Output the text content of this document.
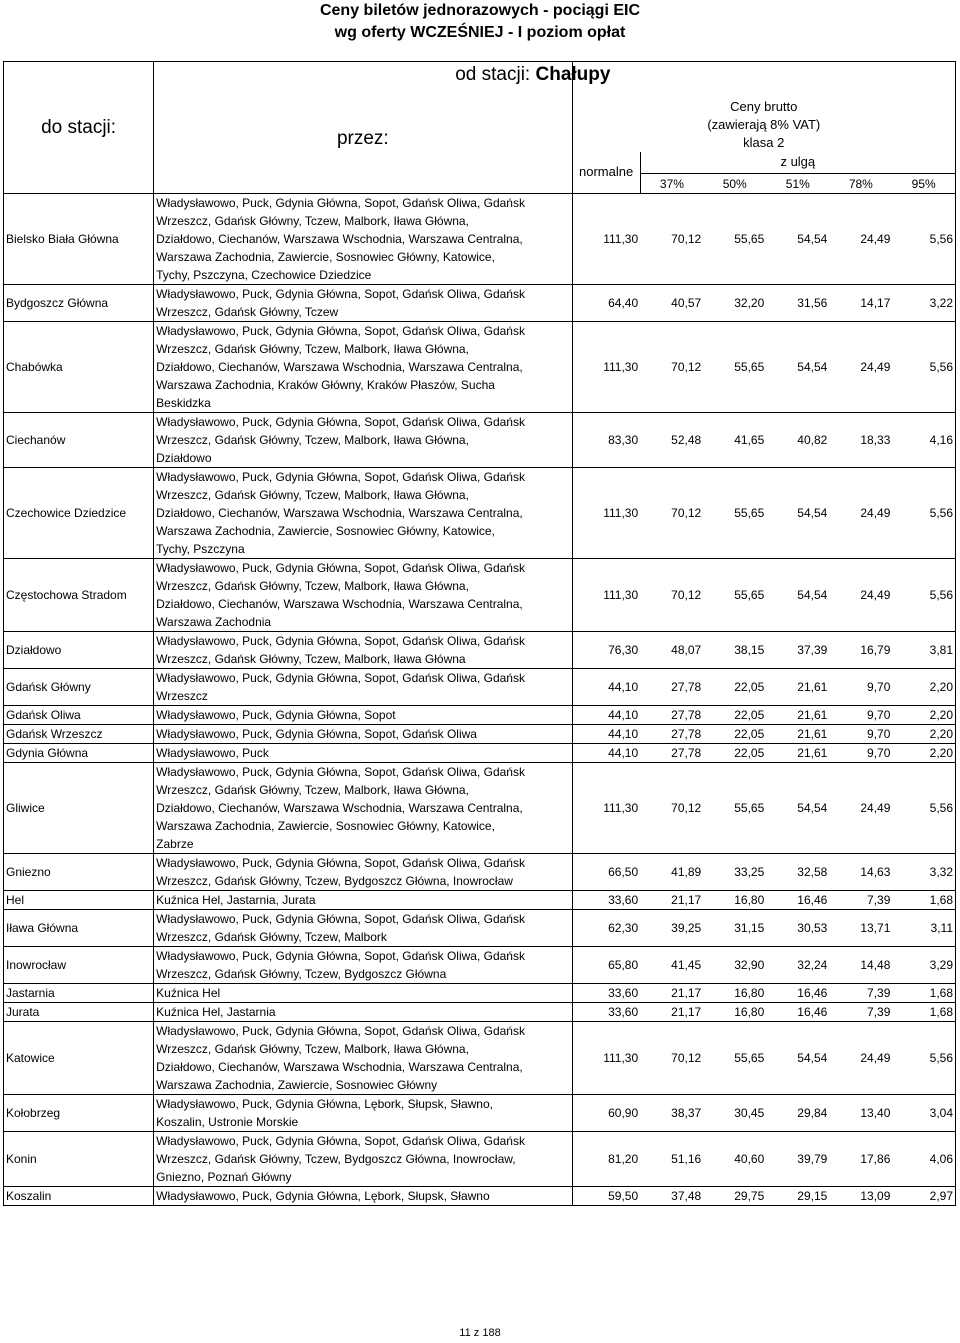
Ceny biletów jednorazowych - pociągi EIC
wg oferty WCZEŚNIEJ - I poziom opłat
do stacji:	od stacji: Chałupy
przez:						

		Ceny brutto
(zawierają 8% VAT)
klasa 2					

		normalne	z ulgą				
			37%	50%	51%	78%	95%
Bielsko Biała Główna	Władysławowo, Puck, Gdynia Główna, Sopot, Gdańsk Oliwa, Gdańsk
Wrzeszcz, Gdańsk Główny, Tczew, Malbork, Iława Główna,
Działdowo, Ciechanów, Warszawa Wschodnia, Warszawa Centralna,
Warszawa Zachodnia, Zawiercie, Sosnowiec Główny, Katowice,
Tychy, Pszczyna, Czechowice Dziedzice	111,30	70,12	55,65	54,54	24,49	5,56
Bydgoszcz Główna	Władysławowo, Puck, Gdynia Główna, Sopot, Gdańsk Oliwa, Gdańsk
Wrzeszcz, Gdańsk Główny, Tczew	64,40	40,57	32,20	31,56	14,17	3,22
Chabówka	Władysławowo, Puck, Gdynia Główna, Sopot, Gdańsk Oliwa, Gdańsk
Wrzeszcz, Gdańsk Główny, Tczew, Malbork, Iława Główna,
Działdowo, Ciechanów, Warszawa Wschodnia, Warszawa Centralna,
Warszawa Zachodnia, Kraków Główny, Kraków Płaszów, Sucha
Beskidzka	111,30	70,12	55,65	54,54	24,49	5,56
Ciechanów	Władysławowo, Puck, Gdynia Główna, Sopot, Gdańsk Oliwa, Gdańsk
Wrzeszcz, Gdańsk Główny, Tczew, Malbork, Iława Główna,
Działdowo	83,30	52,48	41,65	40,82	18,33	4,16
Czechowice Dziedzice	Władysławowo, Puck, Gdynia Główna, Sopot, Gdańsk Oliwa, Gdańsk
Wrzeszcz, Gdańsk Główny, Tczew, Malbork, Iława Główna,
Działdowo, Ciechanów, Warszawa Wschodnia, Warszawa Centralna,
Warszawa Zachodnia, Zawiercie, Sosnowiec Główny, Katowice,
Tychy, Pszczyna	111,30	70,12	55,65	54,54	24,49	5,56
Częstochowa Stradom	Władysławowo, Puck, Gdynia Główna, Sopot, Gdańsk Oliwa, Gdańsk
Wrzeszcz, Gdańsk Główny, Tczew, Malbork, Iława Główna,
Działdowo, Ciechanów, Warszawa Wschodnia, Warszawa Centralna,
Warszawa Zachodnia	111,30	70,12	55,65	54,54	24,49	5,56
Działdowo	Władysławowo, Puck, Gdynia Główna, Sopot, Gdańsk Oliwa, Gdańsk
Wrzeszcz, Gdańsk Główny, Tczew, Malbork, Iława Główna	76,30	48,07	38,15	37,39	16,79	3,81
Gdańsk Główny	Władysławowo, Puck, Gdynia Główna, Sopot, Gdańsk Oliwa, Gdańsk
Wrzeszcz	44,10	27,78	22,05	21,61	9,70	2,20
Gdańsk Oliwa	Władysławowo, Puck, Gdynia Główna, Sopot	44,10	27,78	22,05	21,61	9,70	2,20
Gdańsk Wrzeszcz	Władysławowo, Puck, Gdynia Główna, Sopot, Gdańsk Oliwa	44,10	27,78	22,05	21,61	9,70	2,20
Gdynia Główna	Władysławowo, Puck	44,10	27,78	22,05	21,61	9,70	2,20
Gliwice	Władysławowo, Puck, Gdynia Główna, Sopot, Gdańsk Oliwa, Gdańsk
Wrzeszcz, Gdańsk Główny, Tczew, Malbork, Iława Główna,
Działdowo, Ciechanów, Warszawa Wschodnia, Warszawa Centralna,
Warszawa Zachodnia, Zawiercie, Sosnowiec Główny, Katowice,
Zabrze	111,30	70,12	55,65	54,54	24,49	5,56
Gniezno	Władysławowo, Puck, Gdynia Główna, Sopot, Gdańsk Oliwa, Gdańsk
Wrzeszcz, Gdańsk Główny, Tczew, Bydgoszcz Główna, Inowrocław	66,50	41,89	33,25	32,58	14,63	3,32
Hel	Kuźnica Hel, Jastarnia, Jurata	33,60	21,17	16,80	16,46	7,39	1,68
Iława Główna	Władysławowo, Puck, Gdynia Główna, Sopot, Gdańsk Oliwa, Gdańsk
Wrzeszcz, Gdańsk Główny, Tczew, Malbork	62,30	39,25	31,15	30,53	13,71	3,11
Inowrocław	Władysławowo, Puck, Gdynia Główna, Sopot, Gdańsk Oliwa, Gdańsk
Wrzeszcz, Gdańsk Główny, Tczew, Bydgoszcz Główna	65,80	41,45	32,90	32,24	14,48	3,29
Jastarnia	Kuźnica Hel	33,60	21,17	16,80	16,46	7,39	1,68
Jurata	Kuźnica Hel, Jastarnia	33,60	21,17	16,80	16,46	7,39	1,68
Katowice	Władysławowo, Puck, Gdynia Główna, Sopot, Gdańsk Oliwa, Gdańsk
Wrzeszcz, Gdańsk Główny, Tczew, Malbork, Iława Główna,
Działdowo, Ciechanów, Warszawa Wschodnia, Warszawa Centralna,
Warszawa Zachodnia, Zawiercie, Sosnowiec Główny	111,30	70,12	55,65	54,54	24,49	5,56
Kołobrzeg	Władysławowo, Puck, Gdynia Główna, Lębork, Słupsk, Sławno,
Koszalin, Ustronie Morskie	60,90	38,37	30,45	29,84	13,40	3,04
Konin	Władysławowo, Puck, Gdynia Główna, Sopot, Gdańsk Oliwa, Gdańsk
Wrzeszcz, Gdańsk Główny, Tczew, Bydgoszcz Główna, Inowrocław,
Gniezno, Poznań Główny	81,20	51,16	40,60	39,79	17,86	4,06
Koszalin	Władysławowo, Puck, Gdynia Główna, Lębork, Słupsk, Sławno	59,50	37,48	29,75	29,15	13,09	2,97
11 z 188
